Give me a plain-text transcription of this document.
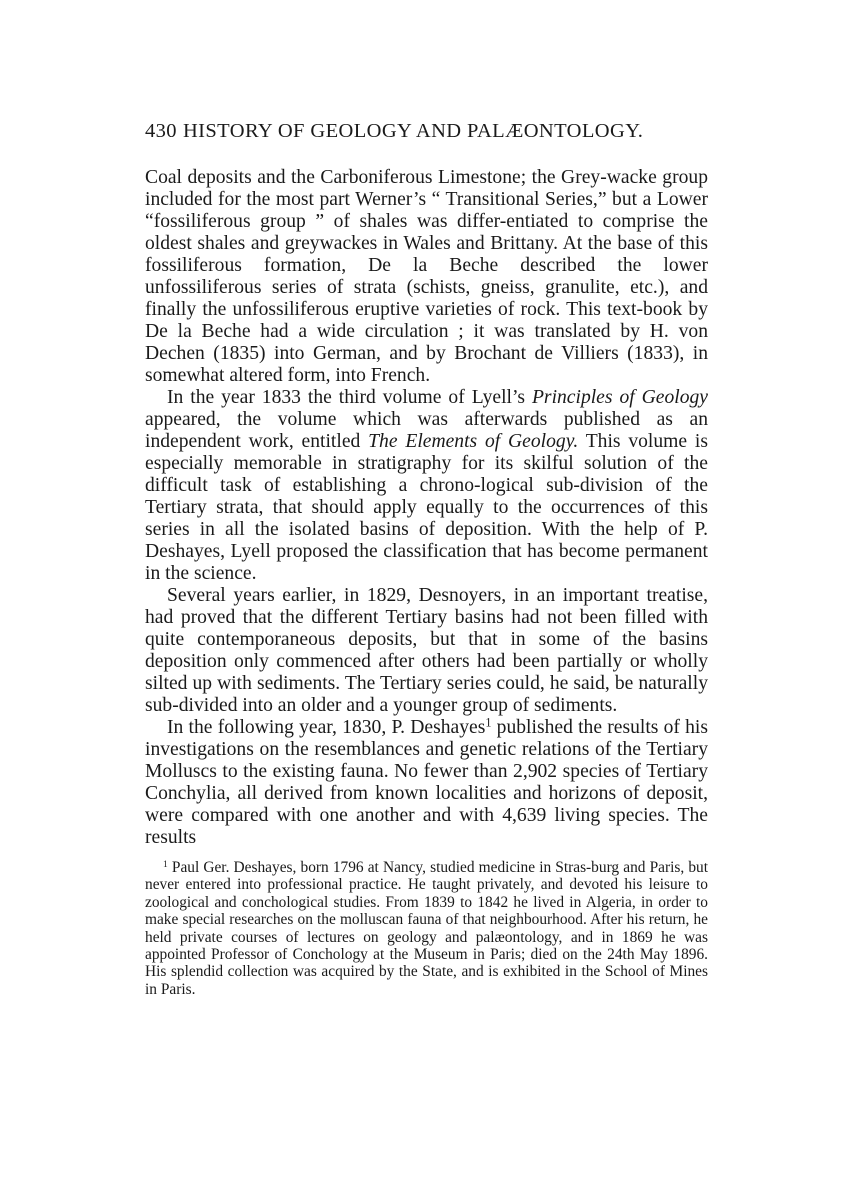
430 HISTORY OF GEOLOGY AND PALÆONTOLOGY.

Coal deposits and the Carboniferous Limestone; the Grey-wacke group included for the most part Werner’s “ Transitional Series,” but a Lower “fossiliferous group ” of shales was differ-entiated to comprise the oldest shales and greywackes in Wales and Brittany. At the base of this fossiliferous formation, De la Beche described the lower unfossiliferous series of strata (schists, gneiss, granulite, etc.), and finally the unfossiliferous eruptive varieties of rock. This text-book by De la Beche had a wide circulation ; it was translated by H. von Dechen (1835) into German, and by Brochant de Villiers (1833), in somewhat altered form, into French.

In the year 1833 the third volume of Lyell’s Principles of Geology appeared, the volume which was afterwards published as an independent work, entitled The Elements of Geology. This volume is especially memorable in stratigraphy for its skilful solution of the difficult task of establishing a chrono-logical sub-division of the Tertiary strata, that should apply equally to the occurrences of this series in all the isolated basins of deposition. With the help of P. Deshayes, Lyell proposed the classification that has become permanent in the science.

Several years earlier, in 1829, Desnoyers, in an important treatise, had proved that the different Tertiary basins had not been filled with quite contemporaneous deposits, but that in some of the basins deposition only commenced after others had been partially or wholly silted up with sediments. The Tertiary series could, he said, be naturally sub-divided into an older and a younger group of sediments.

In the following year, 1830, P. Deshayes$^1$ published the results of his investigations on the resemblances and genetic relations of the Tertiary Molluscs to the existing fauna. No fewer than 2,902 species of Tertiary Conchylia, all derived from known localities and horizons of deposit, were compared with one another and with 4,639 living species. The results

$^1$ Paul Ger. Deshayes, born 1796 at Nancy, studied medicine in Stras-burg and Paris, but never entered into professional practice. He taught privately, and devoted his leisure to zoological and conchological studies. From 1839 to 1842 he lived in Algeria, in order to make special researches on the molluscan fauna of that neighbourhood. After his return, he held private courses of lectures on geology and palæontology, and in 1869 he was appointed Professor of Conchology at the Museum in Paris; died on the 24th May 1896. His splendid collection was acquired by the State, and is exhibited in the School of Mines in Paris.
